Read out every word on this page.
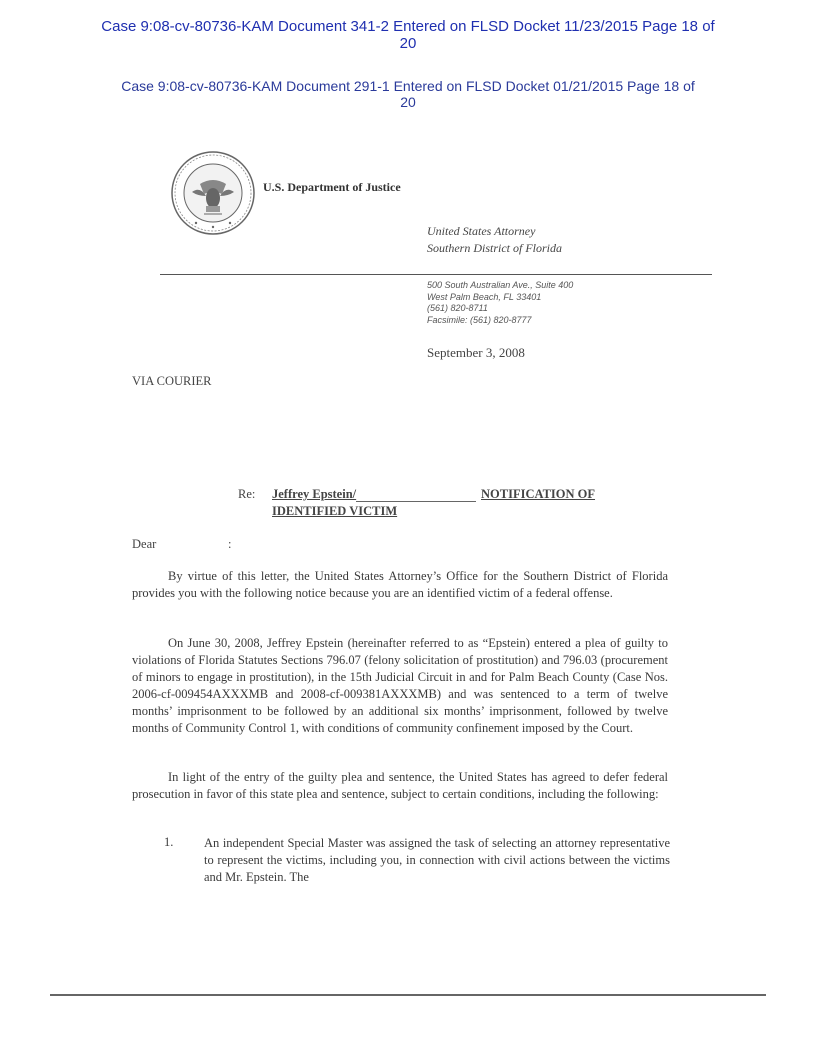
Case 9:08-cv-80736-KAM Document 341-2 Entered on FLSD Docket 11/23/2015 Page 18 of
20
Case 9:08-cv-80736-KAM Document 291-1 Entered on FLSD Docket 01/21/2015 Page 18 of
20
U.S. Department of Justice
United States Attorney
Southern District of Florida
500 South Australian Ave., Suite 400
West Palm Beach, FL 33401
(561) 820-8711
Facsimile: (561) 820-8777
September 3, 2008
VIA COURIER
Re: Jeffrey Epstein/	NOTIFICATION OF
IDENTIFIED VICTIM
Dear	:

By virtue of this letter, the United States Attorney’s Office for the Southern District of Florida provides you with the following notice because you are an identified victim of a federal offense.

On June 30, 2008, Jeffrey Epstein (hereinafter referred to as “Epstein) entered a plea of guilty to violations of Florida Statutes Sections 796.07 (felony solicitation of prostitution) and 796.03 (procurement of minors to engage in prostitution), in the 15th Judicial Circuit in and for Palm Beach County (Case Nos. 2006-cf-009454AXXXMB and 2008-cf-009381AXXXMB) and was sentenced to a term of twelve months’ imprisonment to be followed by an additional six months’ imprisonment, followed by twelve months of Community Control 1, with conditions of community confinement imposed by the Court.

In light of the entry of the guilty plea and sentence, the United States has agreed to defer federal prosecution in favor of this state plea and sentence, subject to certain conditions, including the following:

1. An independent Special Master was assigned the task of selecting an attorney representative to represent the victims, including you, in connection with civil actions between the victims and Mr. Epstein. The
